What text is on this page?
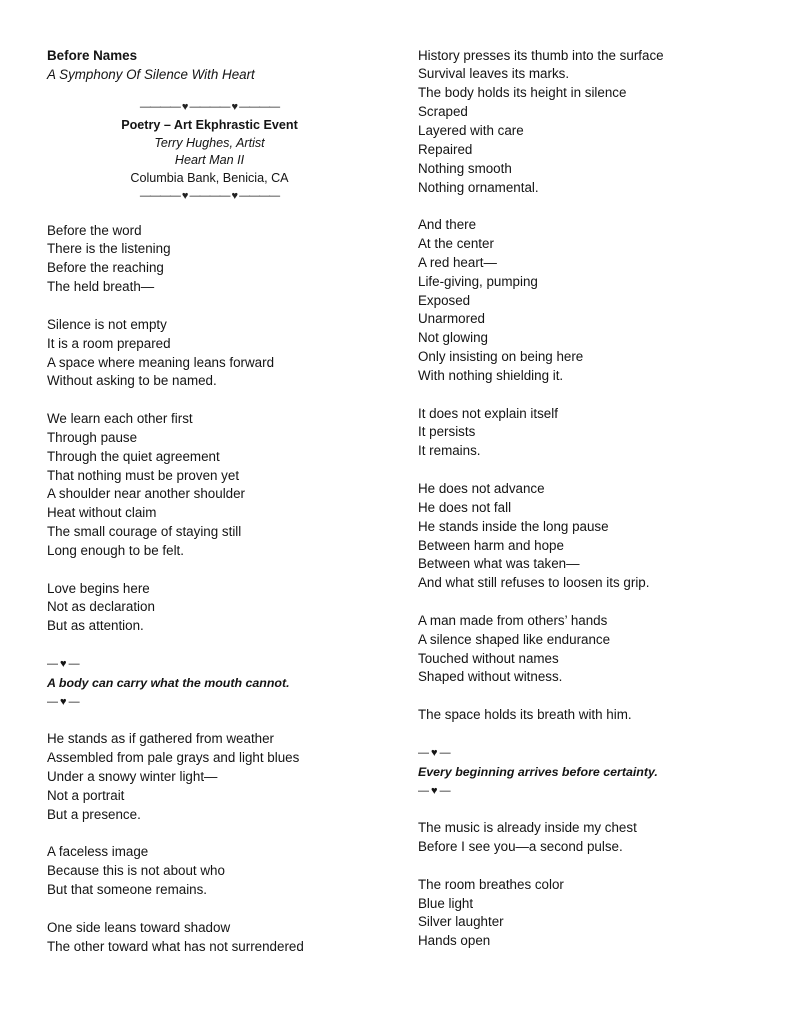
Before Names
A Symphony Of Silence With Heart
———— ♥ ———— ♥ ————
Poetry – Art Ekphrastic Event
Terry Hughes, Artist
Heart Man II
Columbia Bank, Benicia, CA
———— ♥ ———— ♥ ————
Before the word
There is the listening
Before the reaching
The held breath—
Silence is not empty
It is a room prepared
A space where meaning leans forward
Without asking to be named.
We learn each other first
Through pause
Through the quiet agreement
That nothing must be proven yet
A shoulder near another shoulder
Heat without claim
The small courage of staying still
Long enough to be felt.
Love begins here
Not as declaration
But as attention.
— ♥ —
A body can carry what the mouth cannot.
— ♥ —
He stands as if gathered from weather
Assembled from pale grays and light blues
Under a snowy winter light—
Not a portrait
But a presence.
A faceless image
Because this is not about who
But that someone remains.
One side leans toward shadow
The other toward what has not surrendered
History presses its thumb into the surface
Survival leaves its marks.
The body holds its height in silence
Scraped
Layered with care
Repaired
Nothing smooth
Nothing ornamental.
And there
At the center
A red heart—
Life-giving, pumping
Exposed
Unarmored
Not glowing
Only insisting on being here
With nothing shielding it.
It does not explain itself
It persists
It remains.
He does not advance
He does not fall
He stands inside the long pause
Between harm and hope
Between what was taken—
And what still refuses to loosen its grip.
A man made from others’ hands
A silence shaped like endurance
Touched without names
Shaped without witness.
The space holds its breath with him.
— ♥ —
Every beginning arrives before certainty.
— ♥ —
The music is already inside my chest
Before I see you—a second pulse.
The room breathes color
Blue light
Silver laughter
Hands open
